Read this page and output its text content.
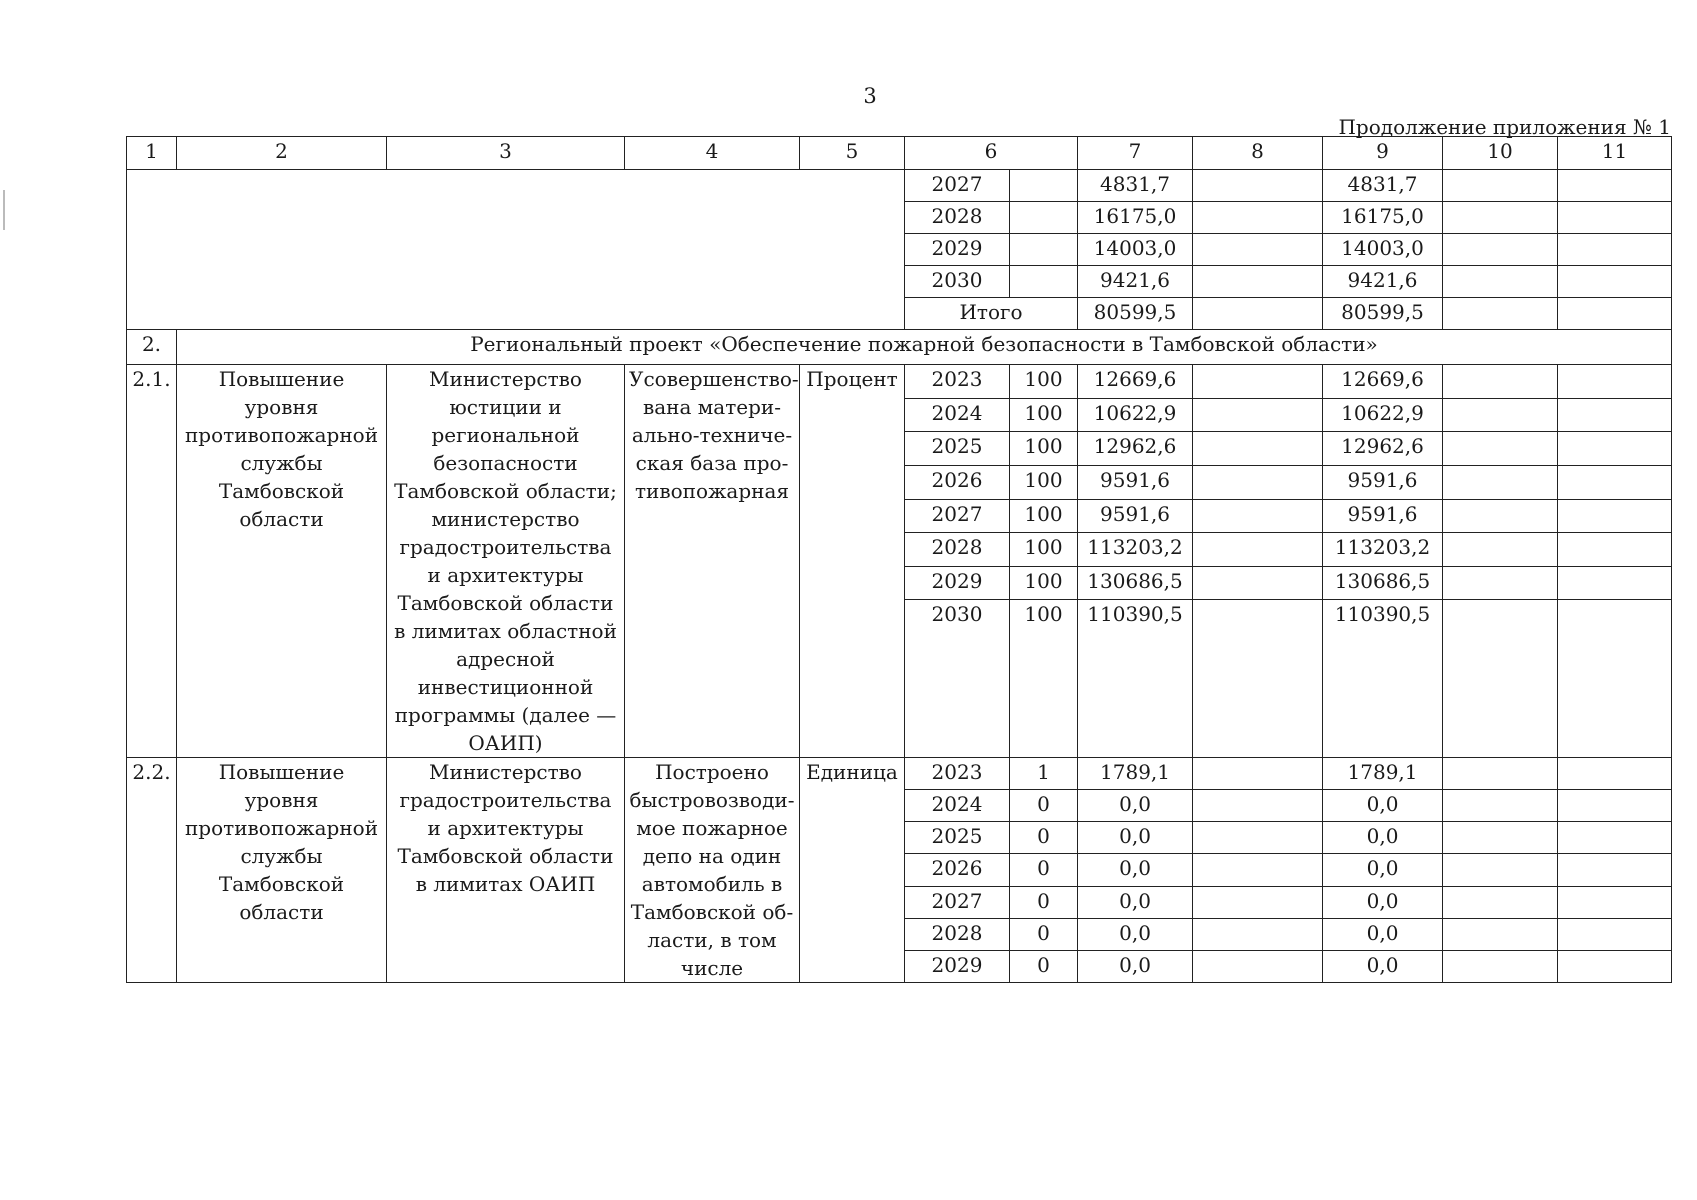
3
Продолжение приложения № 1
1	2	3	4	5	6		7	8	9	10	11
					2027		4831,7		4831,7		
					2028		16175,0		16175,0		
					2029		14003,0		14003,0		
					2030		9421,6		9421,6		
					Итого		80599,5		80599,5		
2.	Региональный проект «Обеспечение пожарной безопасности в Тамбовской области»										
2.1.	Повышение уровня противопожарной службы Тамбовской области	Министерство юстиции и региональной безопасности Тамбовской области; министерство градостроительства и архитектуры Тамбовской области в лимитах областной адресной инвестиционной программы (далее — ОАИП)	Усовершенство-вана матери-ально-техниче-ская база про-тивопожарная	Процент	2023	100	12669,6		12669,6		
					2024	100	10622,9		10622,9		
					2025	100	12962,6		12962,6		
					2026	100	9591,6		9591,6		
					2027	100	9591,6		9591,6		
					2028	100	113203,2		113203,2		
					2029	100	130686,5		130686,5		
					2030	100	110390,5		110390,5		
2.2.	Повышение уровня противопожарной службы Тамбовской области	Министерство градостроительства и архитектуры Тамбовской области в лимитах ОАИП	Построено быстровозводи-мое пожарное депо на один автомобиль в Тамбовской об-ласти, в том числе	Единица	2023	1	1789,1		1789,1		
					2024	0	0,0		0,0		
					2025	0	0,0		0,0		
					2026	0	0,0		0,0		
					2027	0	0,0		0,0		
					2028	0	0,0		0,0		
					2029	0	0,0		0,0		
